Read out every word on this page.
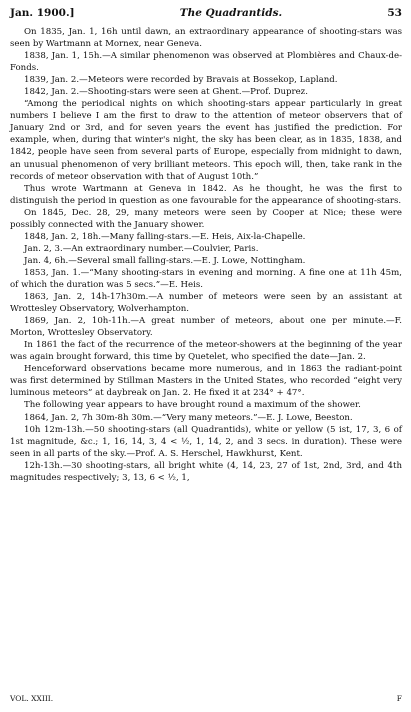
Jan. 1900.]	The Quadrantids.	53

On 1835, Jan. 1, 16h until dawn, an extraordinary appearance of shooting-stars was seen by Wartmann at Mornex, near Geneva.

1838, Jan. 1, 15h.—A similar phenomenon was observed at Plombières and Chaux-de-Fonds.

1839, Jan. 2.—Meteors were recorded by Bravais at Bossekop, Lapland.

1842, Jan. 2.—Shooting-stars were seen at Ghent.—Prof. Duprez.

“Among the periodical nights on which shooting-stars appear particularly in great numbers I believe I am the first to draw to the attention of meteor observers that of January 2nd or 3rd, and for seven years the event has justified the prediction. For example, when, during that winter's night, the sky has been clear, as in 1835, 1838, and 1842, people have seen from several parts of Europe, especially from midnight to dawn, an unusual phenomenon of very brilliant meteors. This epoch will, then, take rank in the records of meteor observation with that of August 10th.”

Thus wrote Wartmann at Geneva in 1842. As he thought, he was the first to distinguish the period in question as one favourable for the appearance of shooting-stars.

On 1845, Dec. 28, 29, many meteors were seen by Cooper at Nice; these were possibly connected with the January shower.

1848, Jan. 2, 18h.—Many falling-stars.—E. Heis, Aix-la-Chapelle.

Jan. 2, 3.—An extraordinary number.—Coulvier, Paris.

Jan. 4, 6h.—Several small falling-stars.—E. J. Lowe, Nottingham.

1853, Jan. 1.—“Many shooting-stars in evening and morning. A fine one at 11h 45m, of which the duration was 5 secs.”—E. Heis.

1863, Jan. 2, 14h-17h30m.—A number of meteors were seen by an assistant at Wrottesley Observatory, Wolverhampton.

1869, Jan. 2, 10h-11h.—A great number of meteors, about one per minute.—F. Morton, Wrottesley Observatory.

In 1861 the fact of the recurrence of the meteor-showers at the beginning of the year was again brought forward, this time by Quetelet, who specified the date—Jan. 2.

Henceforward observations became more numerous, and in 1863 the radiant-point was first determined by Stillman Masters in the United States, who recorded “eight very luminous meteors” at daybreak on Jan. 2. He fixed it at 234° + 47°.

The following year appears to have brought round a maximum of the shower.

1864, Jan. 2, 7h 30m-8h 30m.—“Very many meteors.”—E. J. Lowe, Beeston.

10h 12m-13h.—50 shooting-stars (all Quadrantids), white or yellow (5 ist, 17, 3, 6 of 1st magnitude, &c.; 1, 16, 14, 3, 4 < ½, 1, 14, 2, and 3 secs. in duration). These were seen in all parts of the sky.—Prof. A. S. Herschel, Hawkhurst, Kent.

12h-13h.—30 shooting-stars, all bright white (4, 14, 23, 27 of 1st, 2nd, 3rd, and 4th magnitudes respectively; 3, 13, 6 < ½, 1,

VOL. XXIII.	F
